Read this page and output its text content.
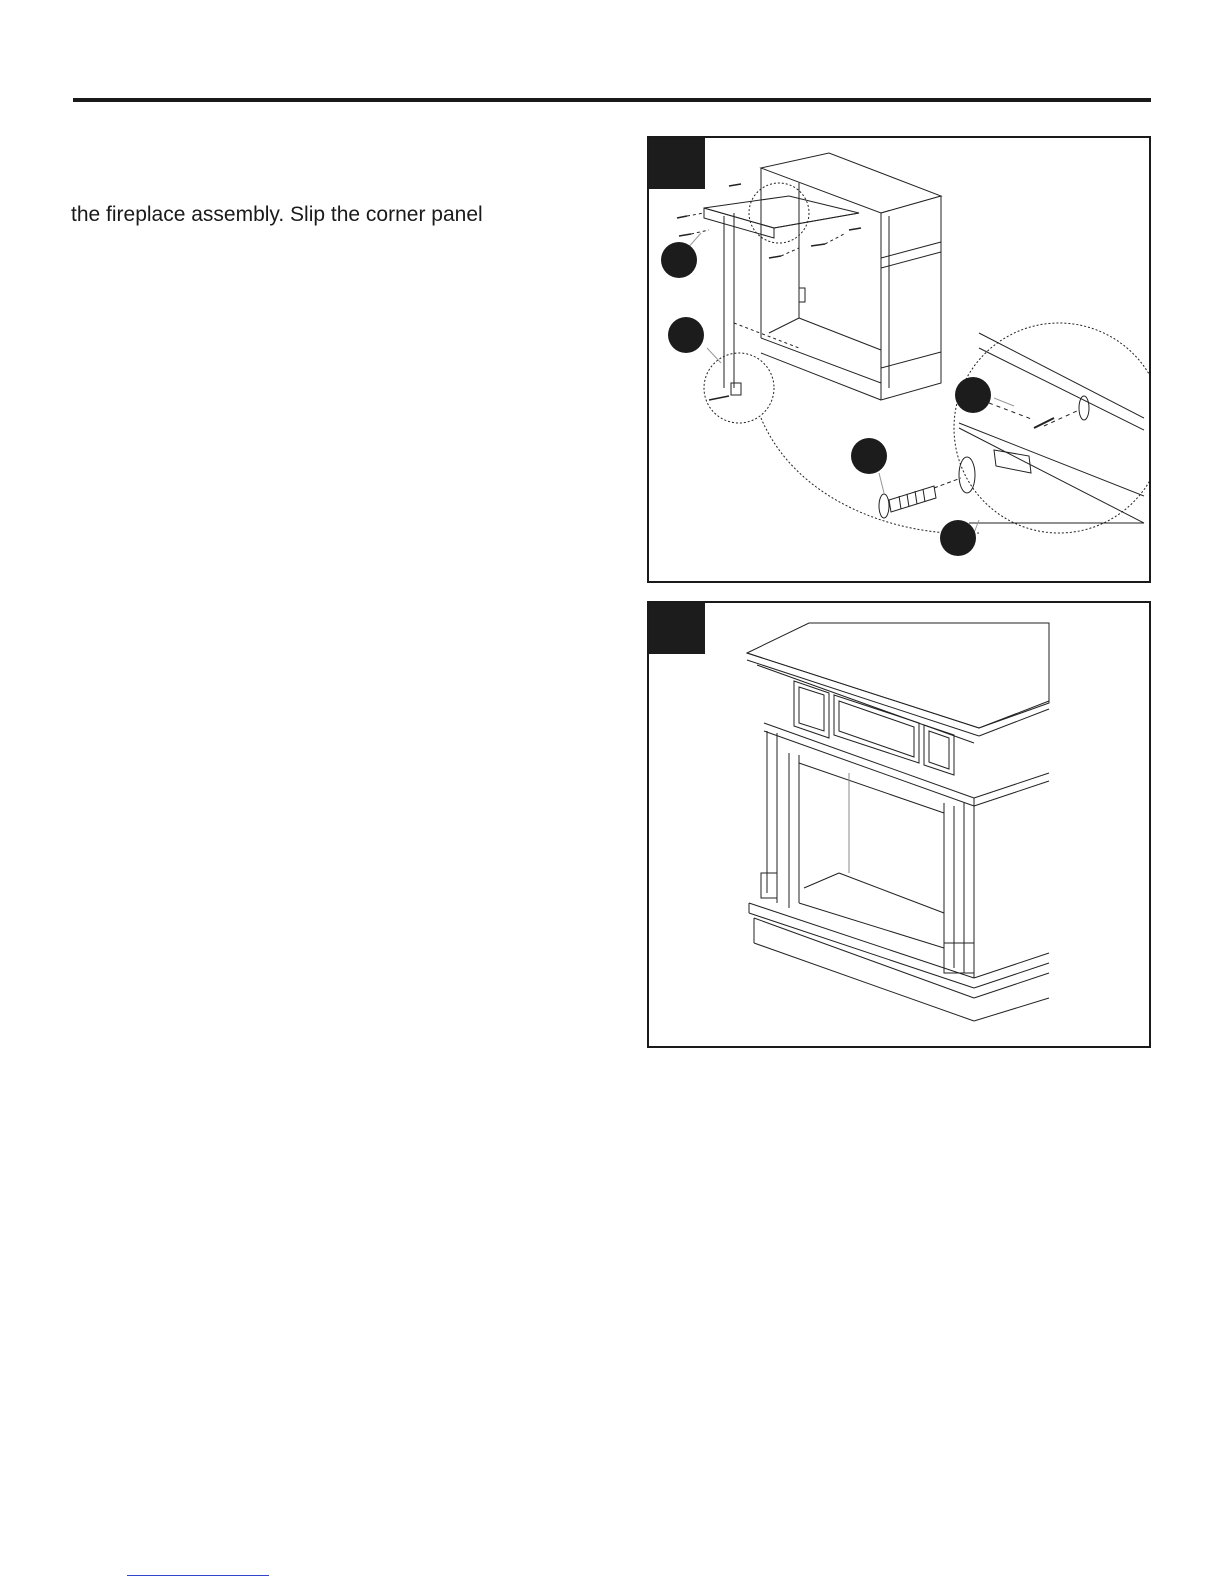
the fireplace assembly. Slip the corner panel
